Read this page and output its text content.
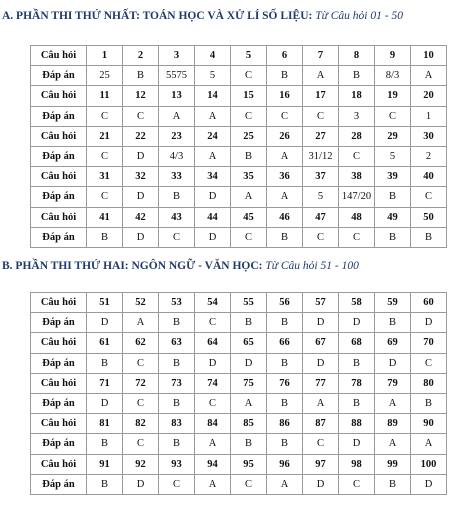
A. PHẦN THI THỨ NHẤT: TOÁN HỌC VÀ XỬ LÍ SỐ LIỆU: Từ Câu hỏi 01 - 50
Câu hỏi	1	2	3	4	5	6	7	8	9	10
Đáp án	25	B	5575	5	C	B	A	B	8/3	A
Câu hỏi	11	12	13	14	15	16	17	18	19	20
Đáp án	C	C	A	A	C	C	C	3	C	1
Câu hỏi	21	22	23	24	25	26	27	28	29	30
Đáp án	C	D	4/3	A	B	A	31/12	C	5	2
Câu hỏi	31	32	33	34	35	36	37	38	39	40
Đáp án	C	D	B	D	A	A	5	147/20	B	C
Câu hỏi	41	42	43	44	45	46	47	48	49	50
Đáp án	B	D	C	D	C	B	C	C	B	B
B. PHẦN THI THỨ HAI: NGÔN NGỮ - VĂN HỌC: Từ Câu hỏi 51 - 100
Câu hỏi	51	52	53	54	55	56	57	58	59	60
Đáp án	D	A	B	C	B	B	D	D	B	D
Câu hỏi	61	62	63	64	65	66	67	68	69	70
Đáp án	B	C	B	D	D	B	D	B	D	C
Câu hỏi	71	72	73	74	75	76	77	78	79	80
Đáp án	D	C	B	C	A	B	A	B	A	B
Câu hỏi	81	82	83	84	85	86	87	88	89	90
Đáp án	B	C	B	A	B	B	C	D	A	A
Câu hỏi	91	92	93	94	95	96	97	98	99	100
Đáp án	B	D	C	A	C	A	D	C	B	D
